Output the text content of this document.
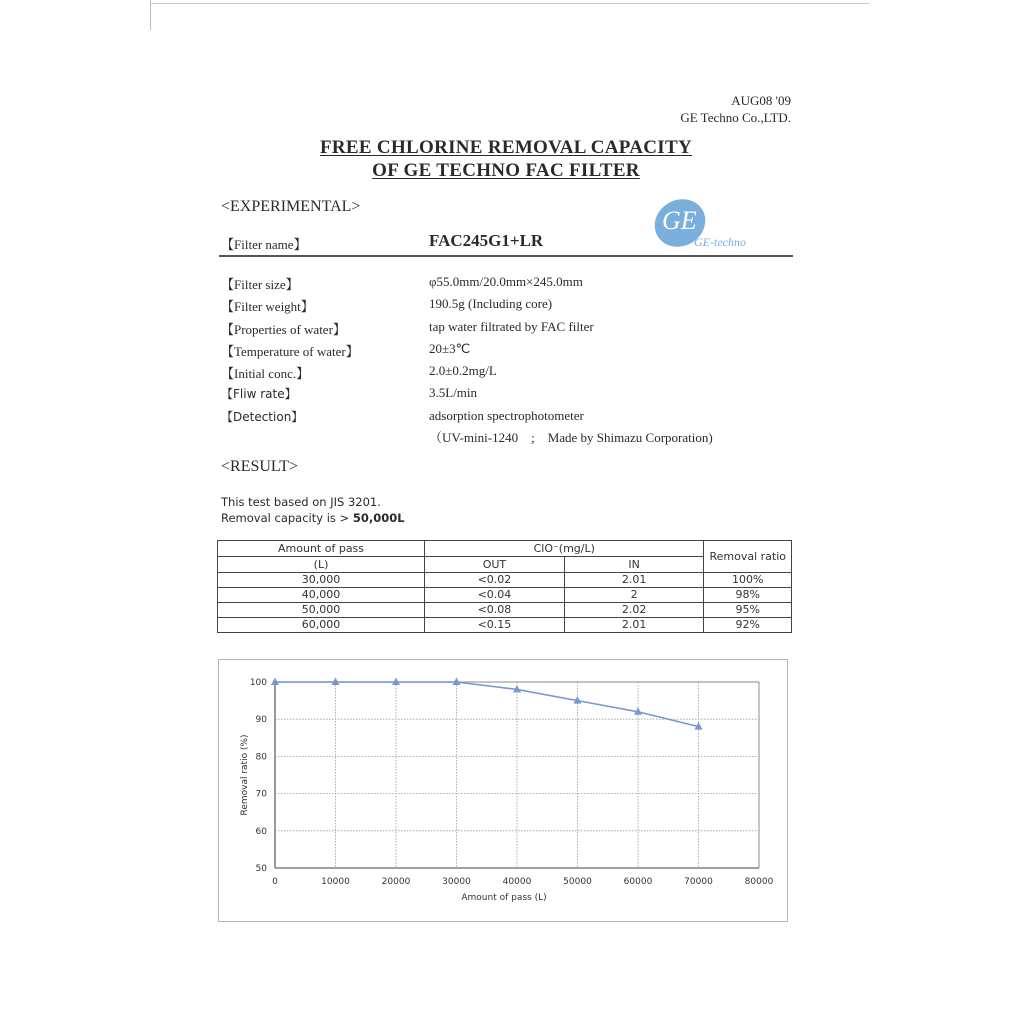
AUG08 '09
GE Techno Co.,LTD.
FREE CHLORINE REMOVAL CAPACITY
OF GE TECHNO FAC FILTER
<EXPERIMENTAL>
【Filter name】	FAC245G1+LR
GE
GE-techno
【Filter size】	φ55.0mm/20.0mm×245.0mm
【Filter weight】	190.5g (Including core)
【Properties of water】	tap water filtrated by FAC filter
【Temperature of water】	20±3℃
【Initial conc.】	2.0±0.2mg/L
【Fliw rate】	3.5L/min
【Detection】	adsorption spectrophotometer
（UV-mini-1240　;　Made by Shimazu Corporation)
<RESULT>
This test based on JIS 3201.
Removal capacity is > 50,000L
Amount of pass	ClO⁻(mg/L)		Removal ratio
(L)	OUT	IN	
30,000	<0.02	2.01	100%
40,000	<0.04	2	98%
50,000	<0.08	2.02	95%
60,000	<0.15	2.01	92%
50
60
70
80
90
100
0	10000	20000	30000	40000	50000	60000	70000	80000
Removal ratio (%)
Amount of pass (L)
